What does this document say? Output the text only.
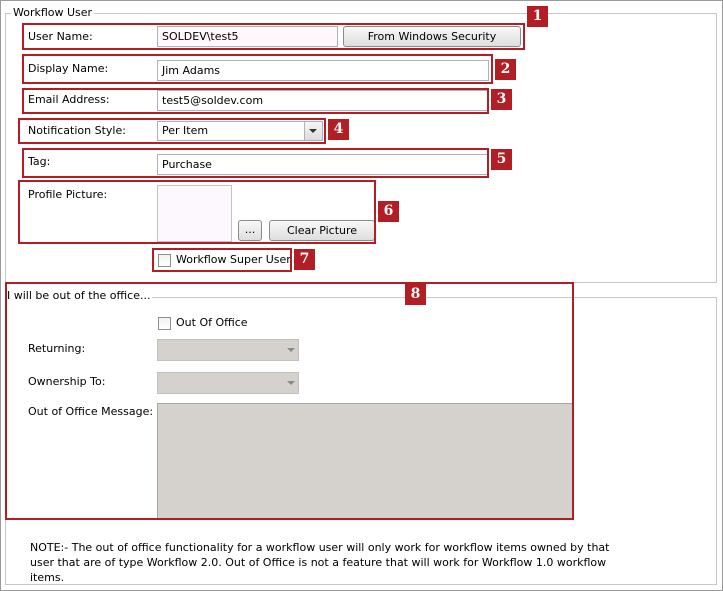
Workflow User
User Name:	SOLDEV\test5	From Windows Security
1
Display Name:	Jim Adams	2
Email Address:	test5@soldev.com	3
Notification Style:	Per Item	4
Tag:	Purchase	5
Profile Picture:
...	Clear Picture
6
Workflow Super User 7
I will be out of the office...
Out Of Office
Returning:
Ownership To:
Out of Office Message:
8
NOTE:- The out of office functionality for a workflow user will only work for workflow items owned by that
user that are of type Workflow 2.0. Out of Office is not a feature that will work for Workflow 1.0 workflow
items.
